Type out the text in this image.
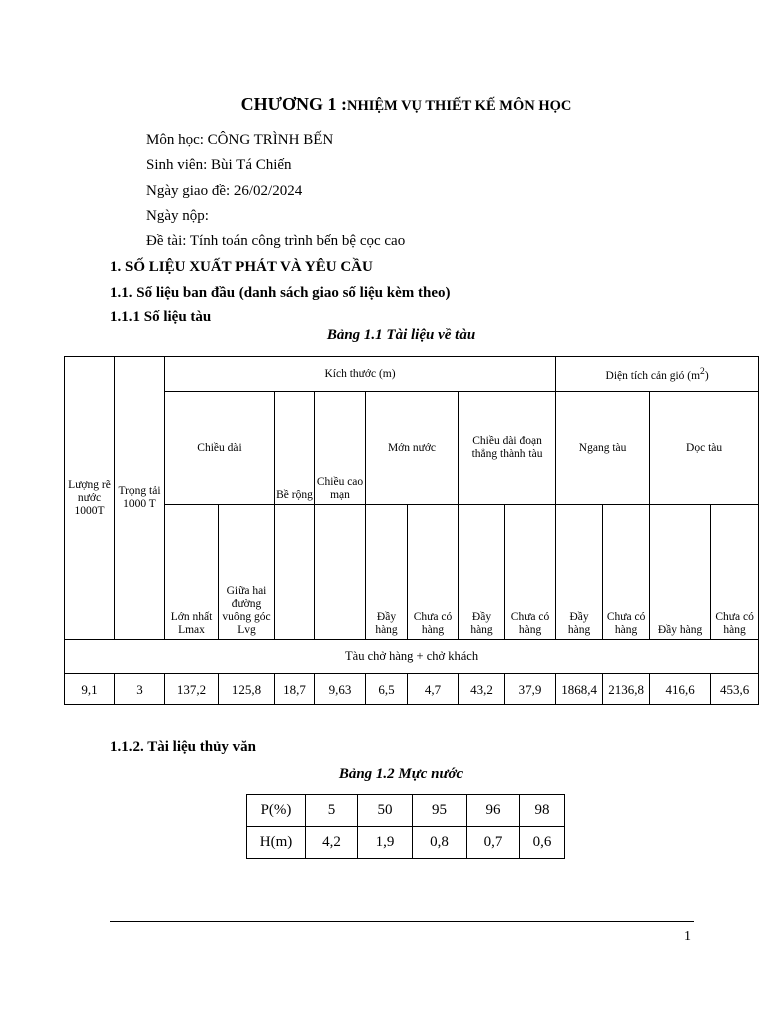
CHƯƠNG 1 :NHIỆM VỤ THIẾT KẾ MÔN HỌC
Môn học: CÔNG TRÌNH BẾN
Sinh viên: Bùi Tá Chiến
Ngày giao đề: 26/02/2024
Ngày nộp:
Đề tài: Tính toán công trình bến bệ cọc cao
1. SỐ LIỆU XUẤT PHÁT VÀ YÊU CẦU
1.1. Số liệu ban đầu (danh sách giao số liệu kèm theo)
1.1.1 Số liệu tàu
Bảng 1.1 Tài liệu về tàu
Lượng rẽ nước 1000T	Trọng tải 1000 T	Kích thước (m)								Diện tích cản gió $(m^2)$			
		Chiều dài		Bề rộng	Chiều cao mạn	Mớn nước		Chiều dài đoạn thẳng thành tàu		Ngang tàu		Dọc tàu	
		Lớn nhất Lmax	Giữa hai đường vuông góc Lvg			Đầy hàng	Chưa có hàng	Đầy hàng	Chưa có hàng	Đầy hàng	Chưa có hàng	Đầy hàng	Chưa có hàng
Tàu chở hàng + chở khách													
9,1	3	137,2	125,8	18,7	9,63	6,5	4,7	43,2	37,9	1868,4	2136,8	416,6	453,6
1.1.2. Tài liệu thủy văn
Bảng 1.2 Mực nước
P(%)	5	50	95	96	98
H(m)	4,2	1,9	0,8	0,7	0,6
1
